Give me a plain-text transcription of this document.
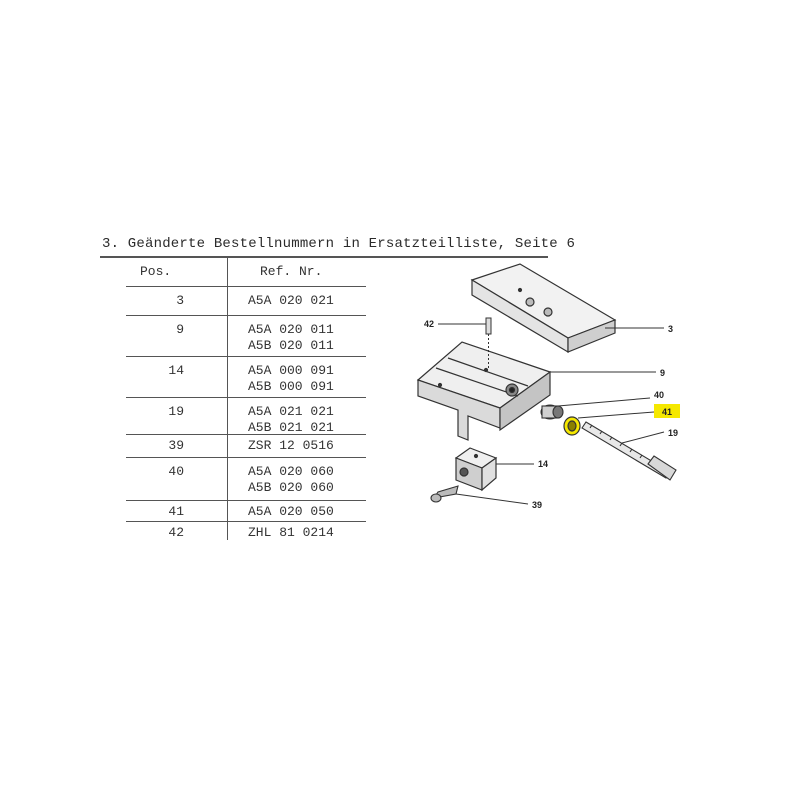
3. Geänderte Bestellnummern in Ersatzteilliste, Seite 6
Pos.	Ref. Nr.
3	A5A 020 021
9	A5A 020 011
A5B 020 011
14	A5A 000 091
A5B 000 091
19	A5A 021 021
A5B 021 021
39	ZSR 12 0516
40	A5A 020 060
A5B 020 060
41	A5A 020 050
42	ZHL 81 0214
42	3
9
40
41
19
14
39
